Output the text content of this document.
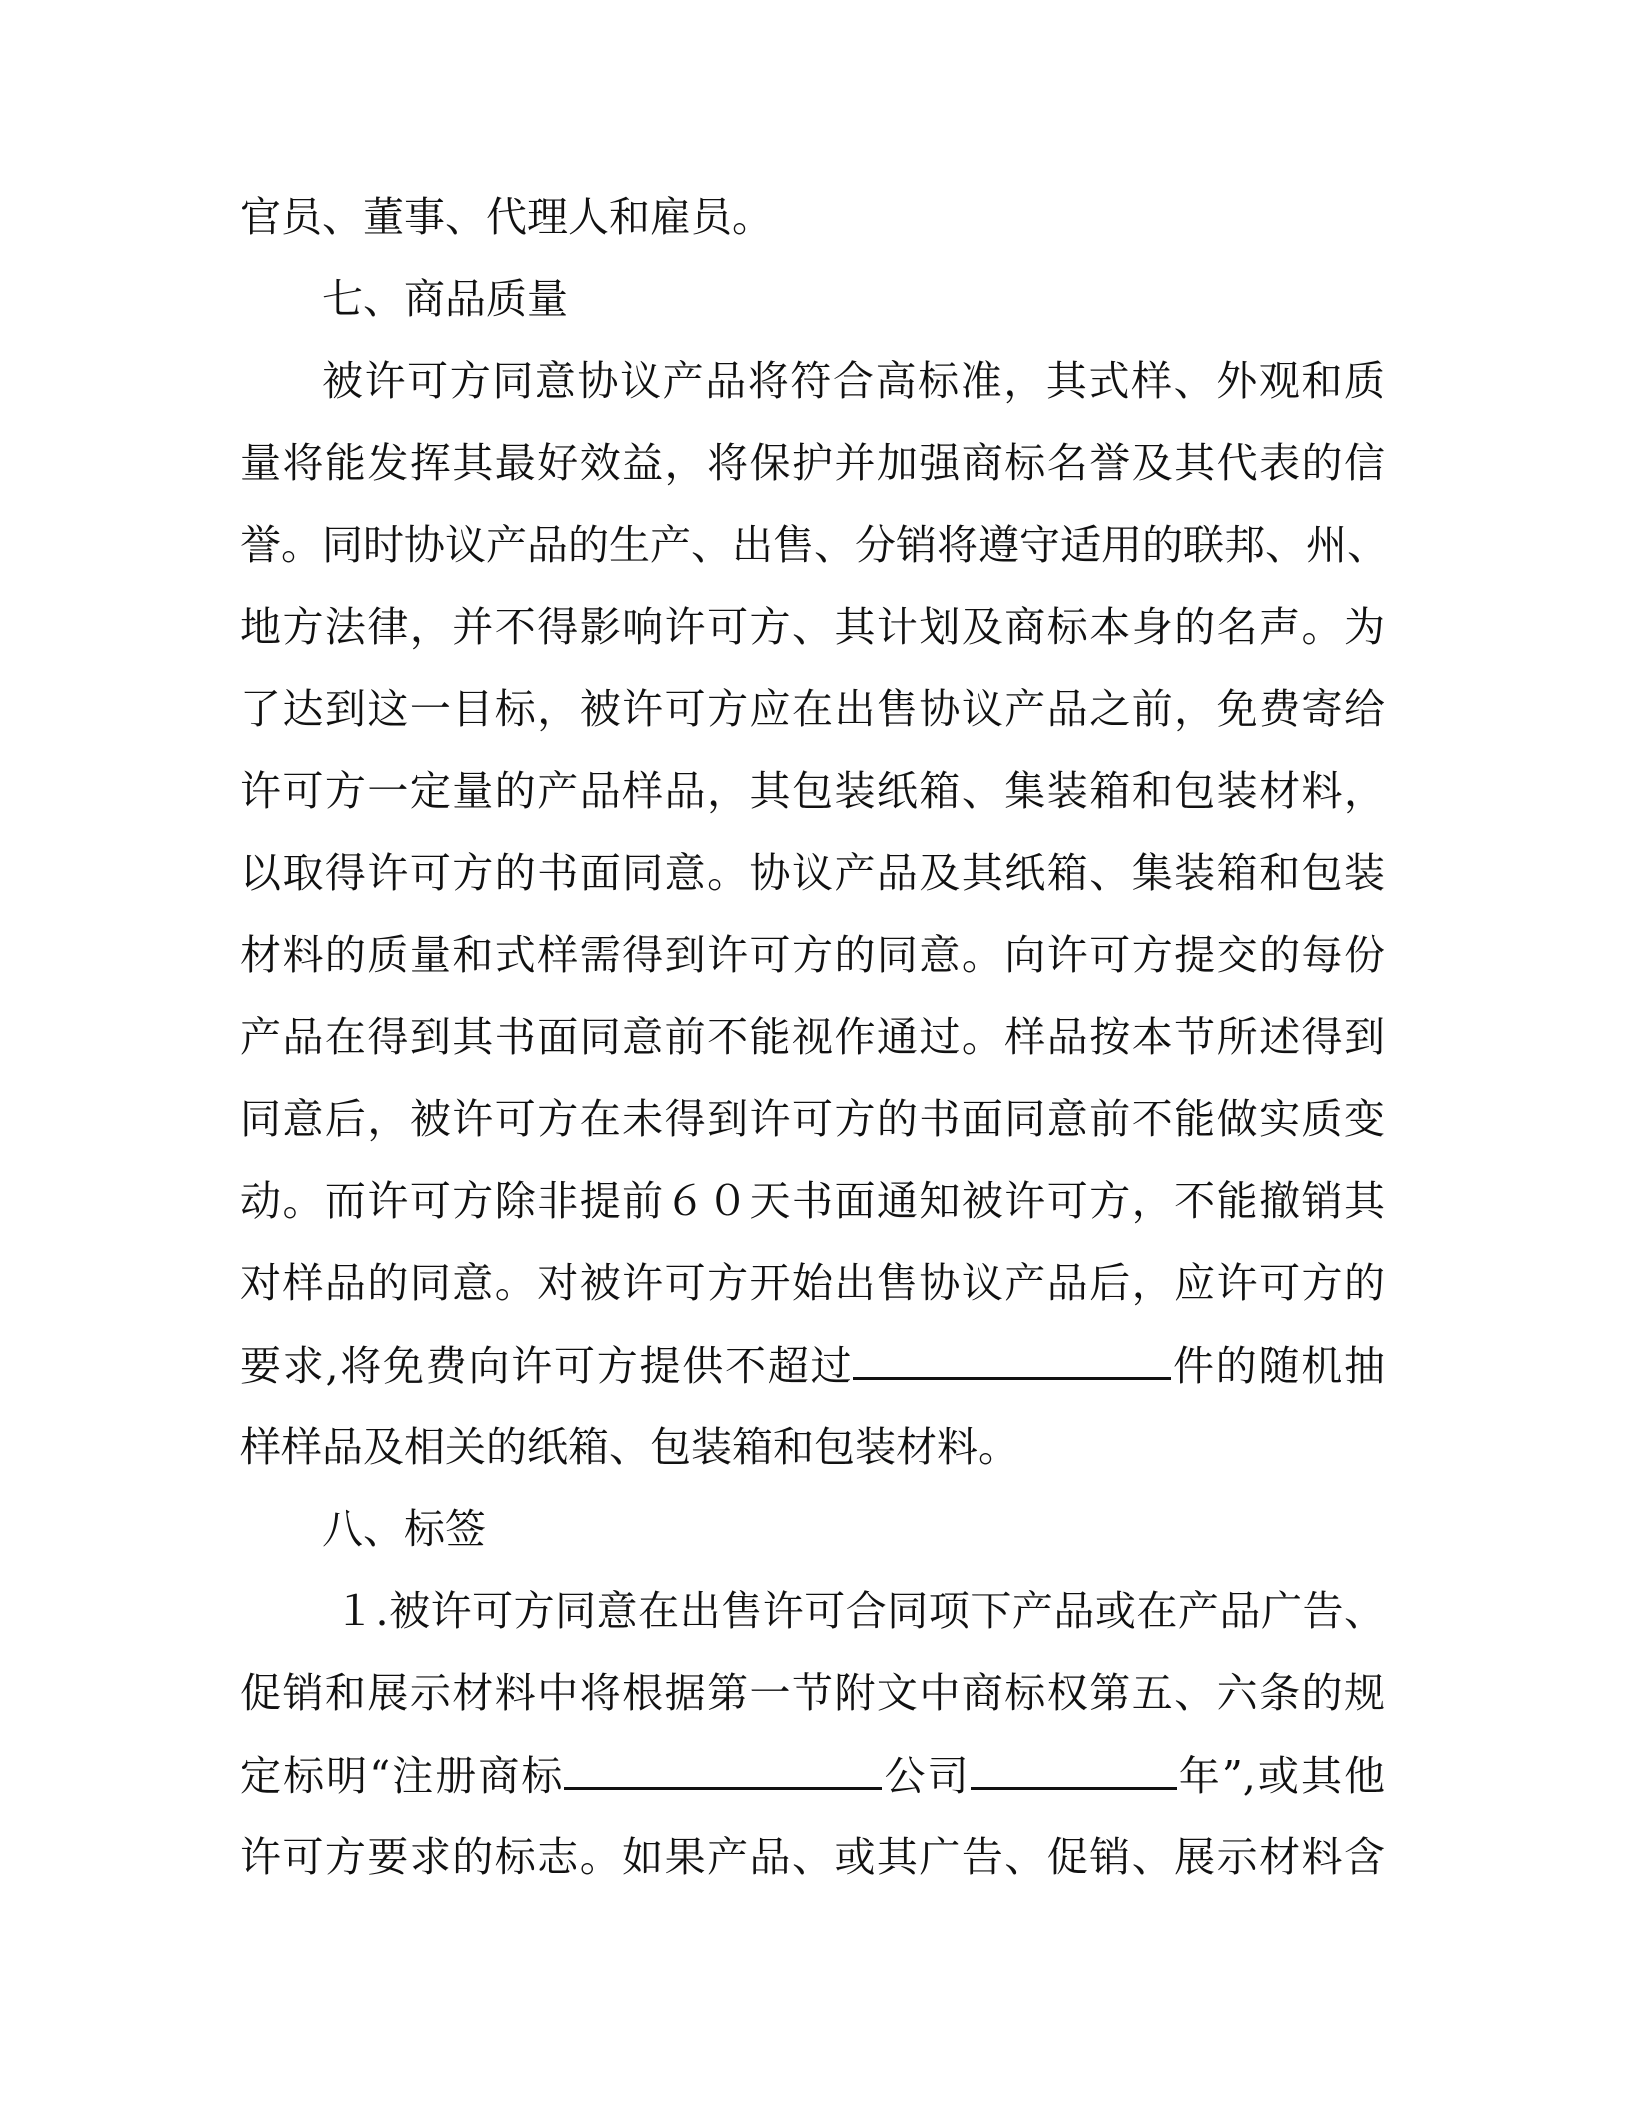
官员、董事、代理人和雇员。
七、商品质量
被许可方同意协议产品将符合高标准，其式样、外观和质
量将能发挥其最好效益，将保护并加强商标名誉及其代表的信
誉。同时协议产品的生产、出售、分销将遵守适用的联邦、州、
地方法律，并不得影响许可方、其计划及商标本身的名声。为
了达到这一目标，被许可方应在出售协议产品之前，免费寄给
许可方一定量的产品样品，其包装纸箱、集装箱和包装材料，
以取得许可方的书面同意。协议产品及其纸箱、集装箱和包装
材料的质量和式样需得到许可方的同意。向许可方提交的每份
产品在得到其书面同意前不能视作通过。样品按本节所述得到
同意后，被许可方在未得到许可方的书面同意前不能做实质变
动。而许可方除非提前６０天书面通知被许可方，不能撤销其
对样品的同意。对被许可方开始出售协议产品后，应许可方的
要求,将免费向许可方提供不超过	件的随机抽
样样品及相关的纸箱、包装箱和包装材料。
八、标签
１.被许可方同意在出售许可合同项下产品或在产品广告、
促销和展示材料中将根据第一节附文中商标权第五、六条的规
定标明“注册商标	公司	年”,或其他
许可方要求的标志。如果产品、或其广告、促销、展示材料含
